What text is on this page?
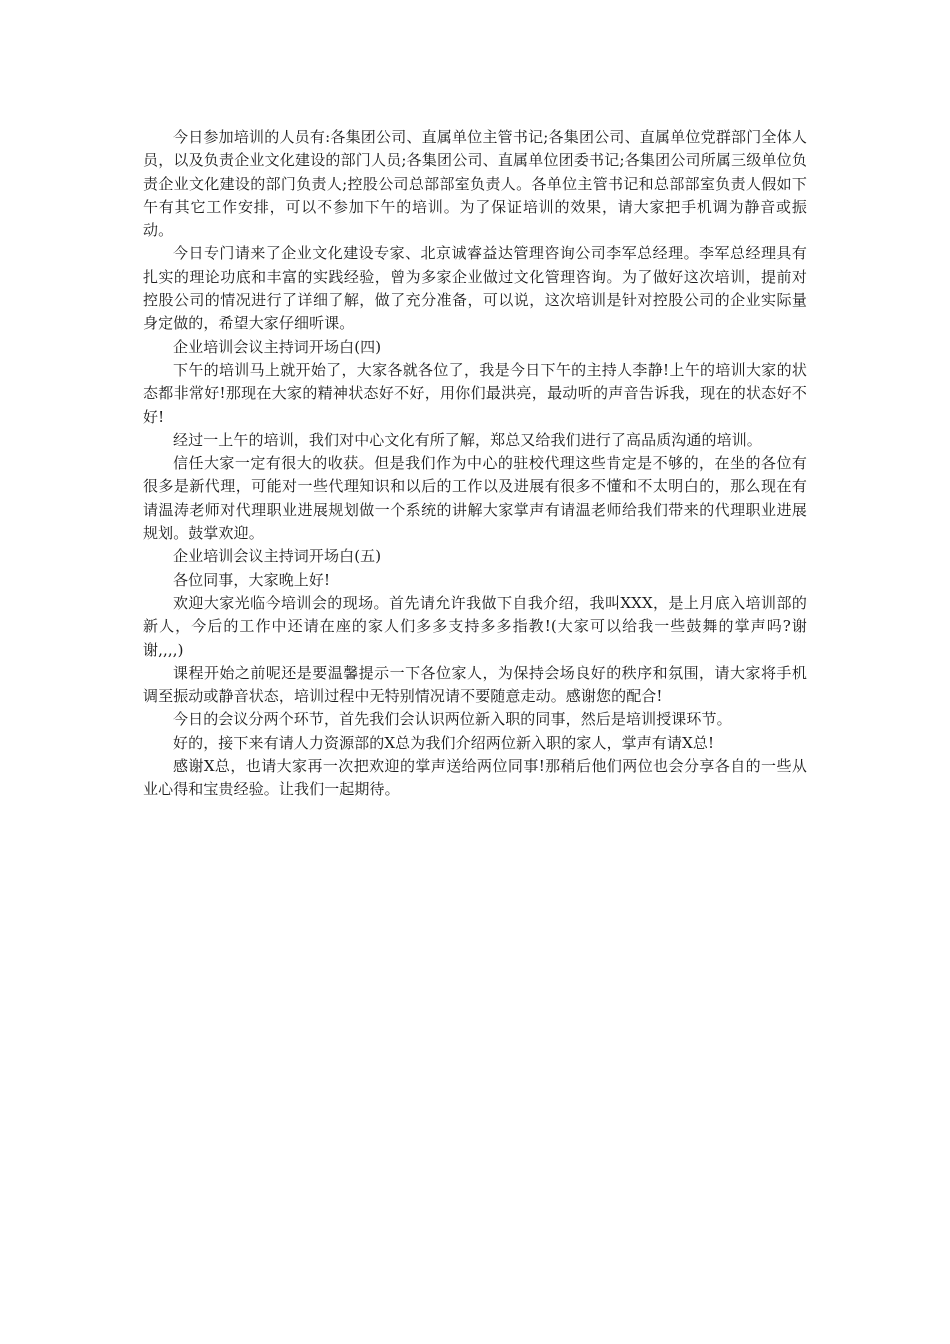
今日参加培训的人员有:各集团公司、直属单位主管书记;各集团公司、直属单位党群部门全体人员，以及负责企业文化建设的部门人员;各集团公司、直属单位团委书记;各集团公司所属三级单位负责企业文化建设的部门负责人;控股公司总部部室负责人。各单位主管书记和总部部室负责人假如下午有其它工作安排，可以不参加下午的培训。为了保证培训的效果，请大家把手机调为静音或振动。

今日专门请来了企业文化建设专家、北京诚睿益达管理咨询公司李军总经理。李军总经理具有扎实的理论功底和丰富的实践经验，曾为多家企业做过文化管理咨询。为了做好这次培训，提前对控股公司的情况进行了详细了解，做了充分准备，可以说，这次培训是针对控股公司的企业实际量身定做的，希望大家仔细听课。

企业培训会议主持词开场白(四)

下午的培训马上就开始了，大家各就各位了，我是今日下午的主持人李静!上午的培训大家的状态都非常好!那现在大家的精神状态好不好，用你们最洪亮，最动听的声音告诉我，现在的状态好不好!

经过一上午的培训，我们对中心文化有所了解，郑总又给我们进行了高品质沟通的培训。

信任大家一定有很大的收获。但是我们作为中心的驻校代理这些肯定是不够的，在坐的各位有很多是新代理，可能对一些代理知识和以后的工作以及进展有很多不懂和不太明白的，那么现在有请温涛老师对代理职业进展规划做一个系统的讲解大家掌声有请温老师给我们带来的代理职业进展规划。鼓掌欢迎。

企业培训会议主持词开场白(五)

各位同事，大家晚上好!

欢迎大家光临今培训会的现场。首先请允许我做下自我介绍，我叫XXX，是上月底入培训部的新人，今后的工作中还请在座的家人们多多支持多多指教!(大家可以给我一些鼓舞的掌声吗?谢谢,,,,)

课程开始之前呢还是要温馨提示一下各位家人，为保持会场良好的秩序和氛围，请大家将手机调至振动或静音状态，培训过程中无特别情况请不要随意走动。感谢您的配合!

今日的会议分两个环节，首先我们会认识两位新入职的同事，然后是培训授课环节。

好的，接下来有请人力资源部的X总为我们介绍两位新入职的家人，掌声有请X总!

感谢X总，也请大家再一次把欢迎的掌声送给两位同事!那稍后他们两位也会分享各自的一些从业心得和宝贵经验。让我们一起期待。
